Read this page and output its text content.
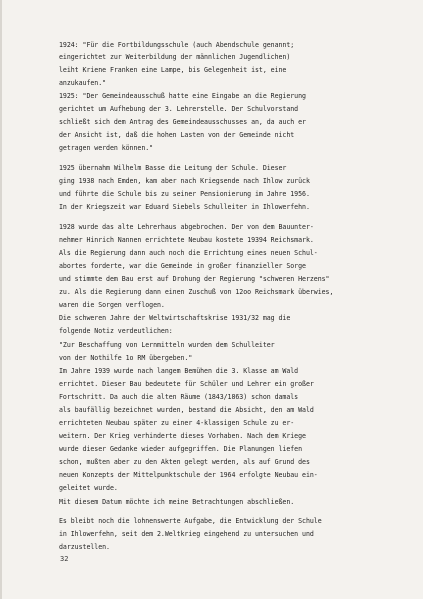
1924: "Für die Fortbildungsschule (auch Abendschule genannt;
eingerichtet zur Weiterbildung der männlichen Jugendlichen)
leiht Kriene Franken eine Lampe, bis Gelegenheit ist, eine
anzukaufen."
1925: "Der Gemeindeausschuß hatte eine Eingabe an die Regierung
gerichtet um Aufhebung der 3. Lehrerstelle. Der Schulvorstand
schließt sich dem Antrag des Gemeindeausschusses an, da auch er
der Ansicht ist, daß die hohen Lasten von der Gemeinde nicht
getragen werden können."
1925 übernahm Wilhelm Basse die Leitung der Schule. Dieser
ging 1938 nach Emden, kam aber nach Kriegsende nach Ihlow zurück
und führte die Schule bis zu seiner Pensionierung im Jahre 1956.
In der Kriegszeit war Eduard Siebels Schulleiter in Ihlowerfehn.
1928 wurde das alte Lehrerhaus abgebrochen. Der von dem Bauunter-
nehmer Hinrich Nannen errichtete Neubau kostete 19394 Reichsmark.
Als die Regierung dann auch noch die Errichtung eines neuen Schul-
abortes forderte, war die Gemeinde in großer finanzieller Sorge
und stimmte dem Bau erst auf Drohung der Regierung "schweren Herzens"
zu. Als die Regierung dann einen Zuschuß von 12oo Reichsmark überwies,
waren die Sorgen verflogen.
Die schweren Jahre der Weltwirtschaftskrise 1931/32 mag die
folgende Notiz verdeutlichen:
"Zur Beschaffung von Lernmitteln wurden dem Schulleiter
von der Nothilfe 1o RM übergeben."
Im Jahre 1939 wurde nach langem Bemühen die 3. Klasse am Wald
errichtet. Dieser Bau bedeutete für Schüler und Lehrer ein großer
Fortschritt. Da auch die alten Räume (1843/1863) schon damals
als baufällig bezeichnet wurden, bestand die Absicht, den am Wald
errichteten Neubau später zu einer 4-klassigen Schule zu er-
weitern. Der Krieg verhinderte dieses Vorhaben. Nach dem Kriege
wurde dieser Gedanke wieder aufgegriffen. Die Planungen liefen
schon, mußten aber zu den Akten gelegt werden, als auf Grund des
neuen Konzepts der Mittelpunktschule der 1964 erfolgte Neubau ein-
geleitet wurde.
Mit diesem Datum möchte ich meine Betrachtungen abschließen.
Es bleibt noch die lohnenswerte Aufgabe, die Entwicklung der Schule
in Ihlowerfehn, seit dem 2.Weltkrieg eingehend zu untersuchen und
darzustellen.
32
